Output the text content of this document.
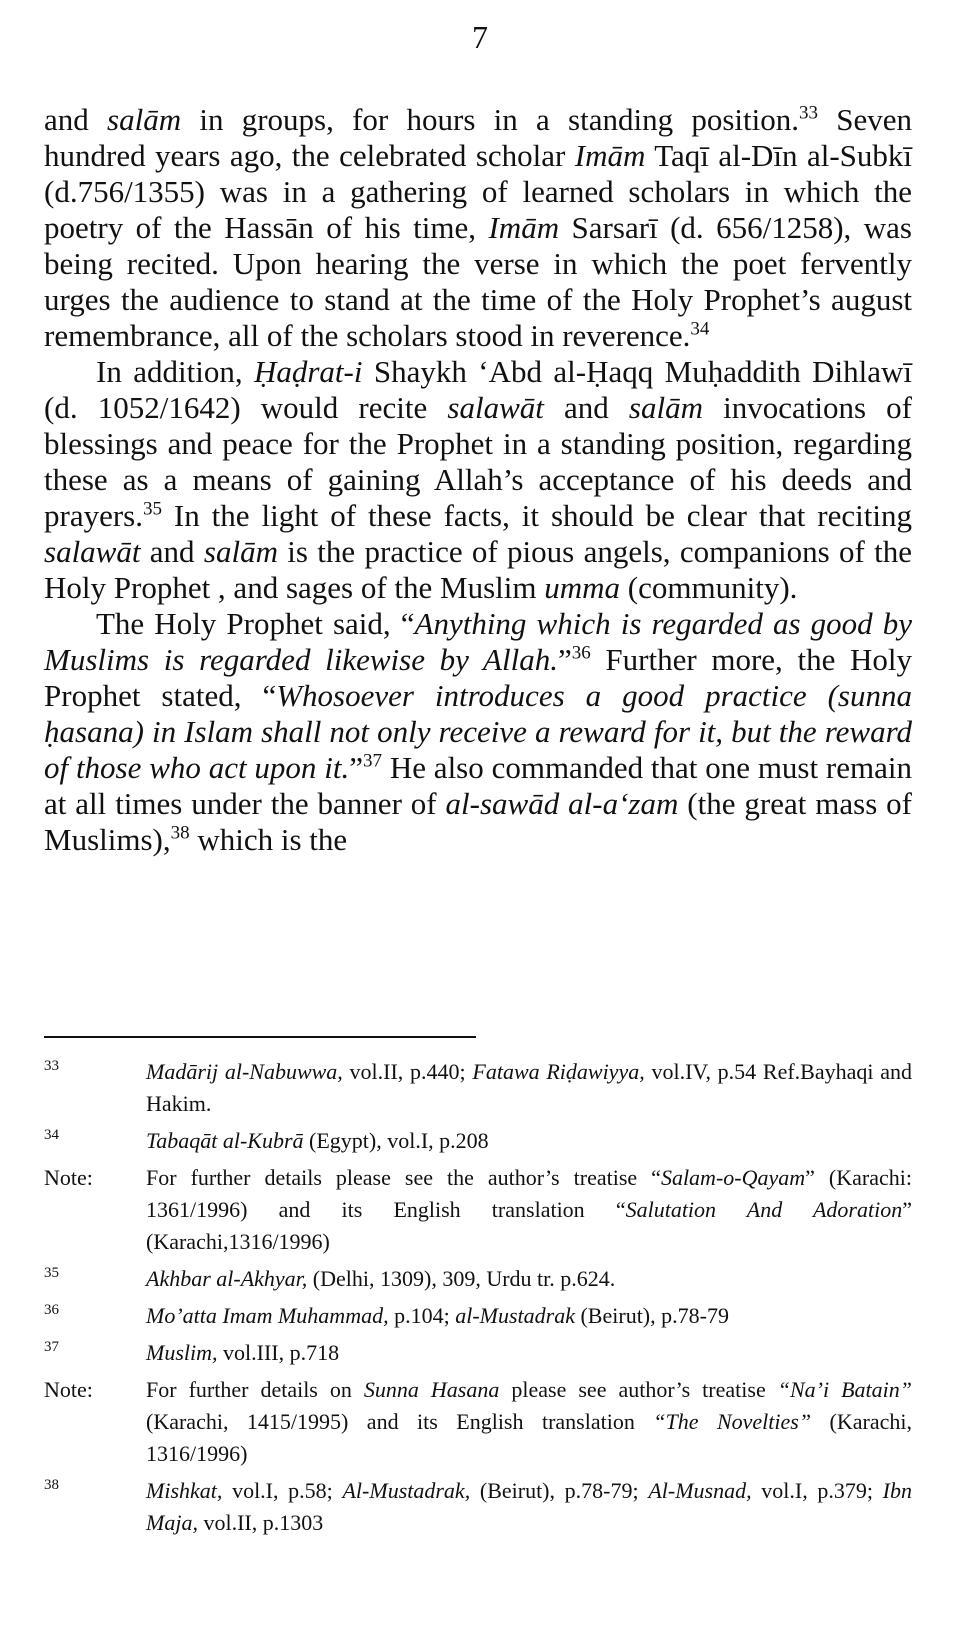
7

and salām in groups, for hours in a standing position.$^{33}$ Seven hundred years ago, the celebrated scholar Imām Taqī al-Dīn al-Subkī (d.756/1355) was in a gathering of learned scholars in which the poetry of the Hassān of his time, Imām Sarsarī (d. 656/1258), was being recited. Upon hearing the verse in which the poet fervently urges the audience to stand at the time of the Holy Prophet’s august remembrance, all of the scholars stood in reverence.$^{34}$

In addition, Ḥaḍrat-i Shaykh ‘Abd al-Ḥaqq Muḥaddith Dihlawī (d. 1052/1642) would recite salawāt and salām invocations of blessings and peace for the Prophet in a standing position, regarding these as a means of gaining Allah’s acceptance of his deeds and prayers.$^{35}$ In the light of these facts, it should be clear that reciting salawāt and salām is the practice of pious angels, companions of the Holy Prophet , and sages of the Muslim umma (community).

The Holy Prophet said, “Anything which is regarded as good by Muslims is regarded likewise by Allah.”$^{36}$ Further more, the Holy Prophet stated, “Whosoever introduces a good practice (sunna ḥasana) in Islam shall not only receive a reward for it, but the reward of those who act upon it.”$^{37}$ He also commanded that one must remain at all times under the banner of al-sawād al-a‘zam (the great mass of Muslims),$^{38}$ which is the

33	Madārij al-Nabuwwa, vol.II, p.440; Fatawa Riḍawiyya, vol.IV, p.54 Ref.Bayhaqi and Hakim.
34	Tabaqāt al-Kubrā (Egypt), vol.I, p.208
Note:	For further details please see the author’s treatise “Salam-o-Qayam” (Karachi: 1361/1996) and its English translation “Salutation And Adoration” (Karachi,1316/1996)
35	Akhbar al-Akhyar, (Delhi, 1309), 309, Urdu tr. p.624.
36	Mo’atta Imam Muhammad, p.104; al-Mustadrak (Beirut), p.78-79
37	Muslim, vol.III, p.718
Note:	For further details on Sunna Hasana please see author’s treatise “Na’i Batain” (Karachi, 1415/1995) and its English translation “The Novelties” (Karachi, 1316/1996)
38	Mishkat, vol.I, p.58; Al-Mustadrak, (Beirut), p.78-79; Al-Musnad, vol.I, p.379; Ibn Maja, vol.II, p.1303
